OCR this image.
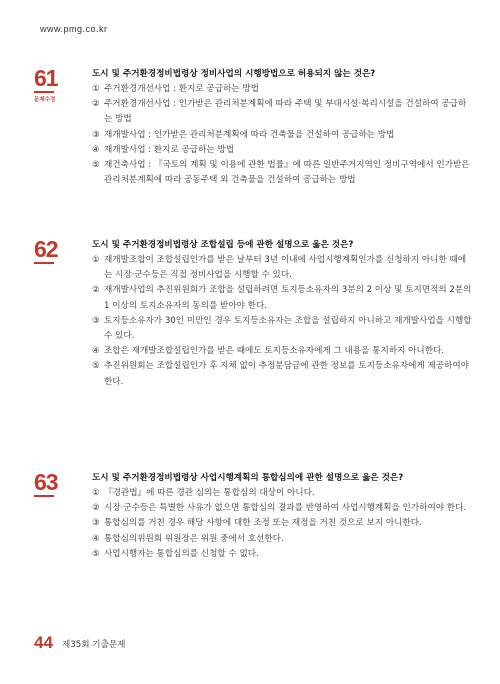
www.pmg.co.kr
61
문제수정
도시 및 주거환경정비법령상 정비사업의 시행방법으로 허용되지 않는 것은?
① 주거환경개선사업 : 환지로 공급하는 방법
② 주거환경개선사업 : 인가받은 관리처분계획에 따라 주택 및 부대시설·복리시설을 건설하여 공급하는 방법
③ 재개발사업 : 인가받은 관리처분계획에 따라 건축물을 건설하여 공급하는 방법
④ 재개발사업 : 환지로 공급하는 방법
⑤ 재건축사업 : 『국토의 계획 및 이용에 관한 법률』에 따른 일반주거지역인 정비구역에서 인가받은 관리처분계획에 따라 공동주택 외 건축물을 건설하여 공급하는 방법
62	도시 및 주거환경정비법령상 조합설립 등에 관한 설명으로 옳은 것은?
① 재개발조합이 조합설립인가를 받은 날부터 3년 이내에 사업시행계획인가를 신청하지 아니한 때에는 시장·군수등은 직접 정비사업을 시행할 수 있다.
② 재개발사업의 추진위원회가 조합을 설립하려면 토지등소유자의 3분의 2 이상 및 토지면적의 2분의 1 이상의 토지소유자의 동의를 받아야 한다.
③ 토지등소유자가 30인 미만인 경우 토지등소유자는 조합을 설립하지 아니하고 재개발사업을 시행할 수 있다.
④ 조합은 재개발조합설립인가를 받은 때에도 토지등소유자에게 그 내용을 통지하지 아니한다.
⑤ 추진위원회는 조합설립인가 후 지체 없이 추정분담금에 관한 정보를 토지등소유자에게 제공하여야 한다.
63	도시 및 주거환경정비법령상 사업시행계획의 통합심의에 관한 설명으로 옳은 것은?
① 『경관법』에 따른 경관 심의는 통합심의 대상이 아니다.
② 시장·군수등은 특별한 사유가 없으면 통합심의 결과를 반영하여 사업시행계획을 인가하여야 한다.
③ 통합심의를 거친 경우 해당 사항에 대한 조정 또는 재정을 거친 것으로 보지 아니한다.
④ 통합심의위원회 위원장은 위원 중에서 호선한다.
⑤ 사업시행자는 통합심의를 신청할 수 없다.
44 제35회 기출문제
